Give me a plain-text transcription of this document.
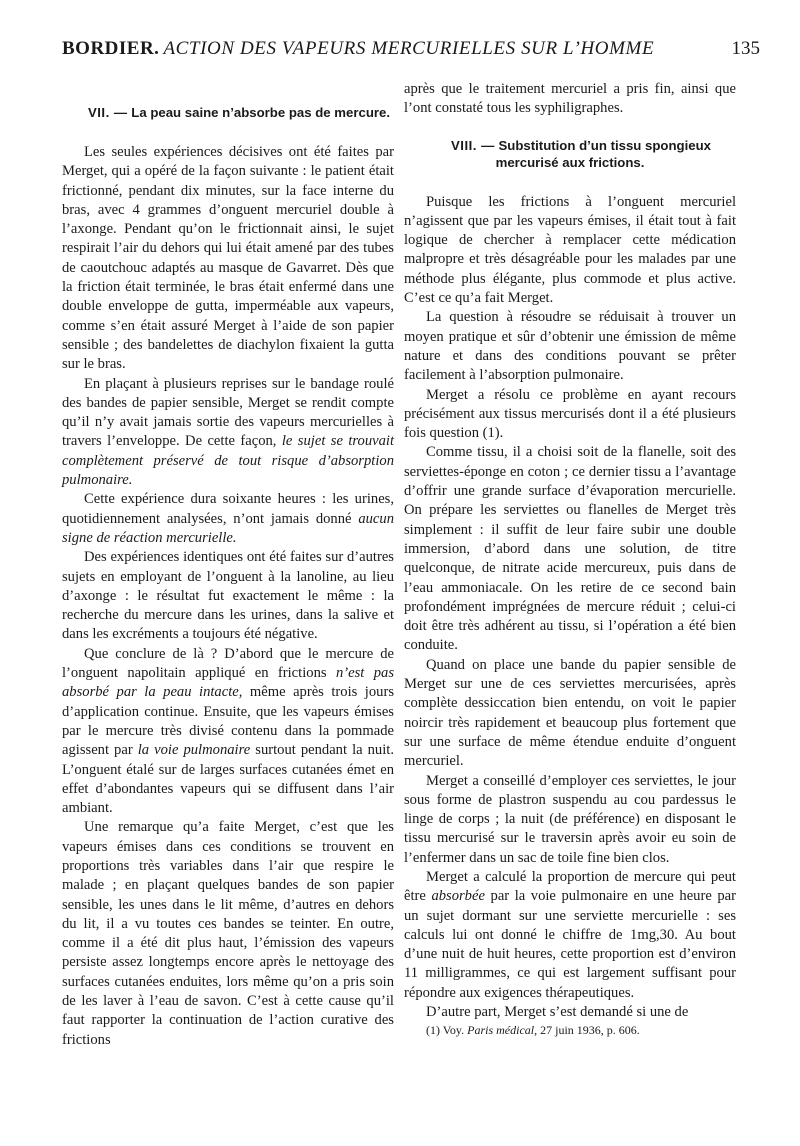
BORDIER. ACTION DES VAPEURS MERCURIELLES SUR L’HOMME	135

VII. — La peau saine n’absorbe pas de mercure.

Les seules expériences décisives ont été faites par Merget, qui a opéré de la façon suivante : le patient était frictionné, pendant dix minutes, sur la face interne du bras, avec 4 grammes d’onguent mercuriel double à l’axonge. Pendant qu’on le frictionnait ainsi, le sujet respirait l’air du dehors qui lui était amené par des tubes de caoutchouc adaptés au masque de Gavarret. Dès que la friction était terminée, le bras était enfermé dans une double enveloppe de gutta, imperméable aux vapeurs, comme s’en était assuré Merget à l’aide de son papier sensible ; des bandelettes de diachylon fixaient la gutta sur le bras.

En plaçant à plusieurs reprises sur le bandage roulé des bandes de papier sensible, Merget se rendit compte qu’il n’y avait jamais sortie des vapeurs mercurielles à travers l’enveloppe. De cette façon, le sujet se trouvait complètement préservé de tout risque d’absorption pulmonaire.

Cette expérience dura soixante heures : les urines, quotidiennement analysées, n’ont jamais donné aucun signe de réaction mercurielle.

Des expériences identiques ont été faites sur d’autres sujets en employant de l’onguent à la lanoline, au lieu d’axonge : le résultat fut exactement le même : la recherche du mercure dans les urines, dans la salive et dans les excréments a toujours été négative.

Que conclure de là ? D’abord que le mercure de l’onguent napolitain appliqué en frictions n’est pas absorbé par la peau intacte, même après trois jours d’application continue. Ensuite, que les vapeurs émises par le mercure très divisé contenu dans la pommade agissent par la voie pulmonaire surtout pendant la nuit. L’onguent étalé sur de larges surfaces cutanées émet en effet d’abondantes vapeurs qui se diffusent dans l’air ambiant.

Une remarque qu’a faite Merget, c’est que les vapeurs émises dans ces conditions se trouvent en proportions très variables dans l’air que respire le malade ; en plaçant quelques bandes de son papier sensible, les unes dans le lit même, d’autres en dehors du lit, il a vu toutes ces bandes se teinter. En outre, comme il a été dit plus haut, l’émission des vapeurs persiste assez longtemps encore après le nettoyage des surfaces cutanées enduites, lors même qu’on a pris soin de les laver à l’eau de savon. C’est à cette cause qu’il faut rapporter la continuation de l’action curative des frictions

après que le traitement mercuriel a pris fin, ainsi que l’ont constaté tous les syphiligraphes.

VIII. — Substitution d’un tissu spongieux mercurisé aux frictions.

Puisque les frictions à l’onguent mercuriel n’agissent que par les vapeurs émises, il était tout à fait logique de chercher à remplacer cette médication malpropre et très désagréable pour les malades par une méthode plus élégante, plus commode et plus active. C’est ce qu’a fait Merget.

La question à résoudre se réduisait à trouver un moyen pratique et sûr d’obtenir une émission de même nature et dans des conditions pouvant se prêter facilement à l’absorption pulmonaire.

Merget a résolu ce problème en ayant recours précisément aux tissus mercurisés dont il a été plusieurs fois question (1).

Comme tissu, il a choisi soit de la flanelle, soit des serviettes-éponge en coton ; ce dernier tissu a l’avantage d’offrir une grande surface d’évaporation mercurielle. On prépare les serviettes ou flanelles de Merget très simplement : il suffit de leur faire subir une double immersion, d’abord dans une solution, de titre quelconque, de nitrate acide mercureux, puis dans de l’eau ammoniacale. On les retire de ce second bain profondément imprégnées de mercure réduit ; celui-ci doit être très adhérent au tissu, si l’opération a été bien conduite.

Quand on place une bande du papier sensible de Merget sur une de ces serviettes mercurisées, après complète dessiccation bien entendu, on voit le papier noircir très rapidement et beaucoup plus fortement que sur une surface de même étendue enduite d’onguent mercuriel.

Merget a conseillé d’employer ces serviettes, le jour sous forme de plastron suspendu au cou pardessus le linge de corps ; la nuit (de préférence) en disposant le tissu mercurisé sur le traversin après avoir eu soin de l’enfermer dans un sac de toile fine bien clos.

Merget a calculé la proportion de mercure qui peut être absorbée par la voie pulmonaire en une heure par un sujet dormant sur une serviette mercurielle : ses calculs lui ont donné le chiffre de 1mg,30. Au bout d’une nuit de huit heures, cette proportion est d’environ 11 milligrammes, ce qui est largement suffisant pour répondre aux exigences thérapeutiques.

D’autre part, Merget s’est demandé si une de

(1) Voy. Paris médical, 27 juin 1936, p. 606.
